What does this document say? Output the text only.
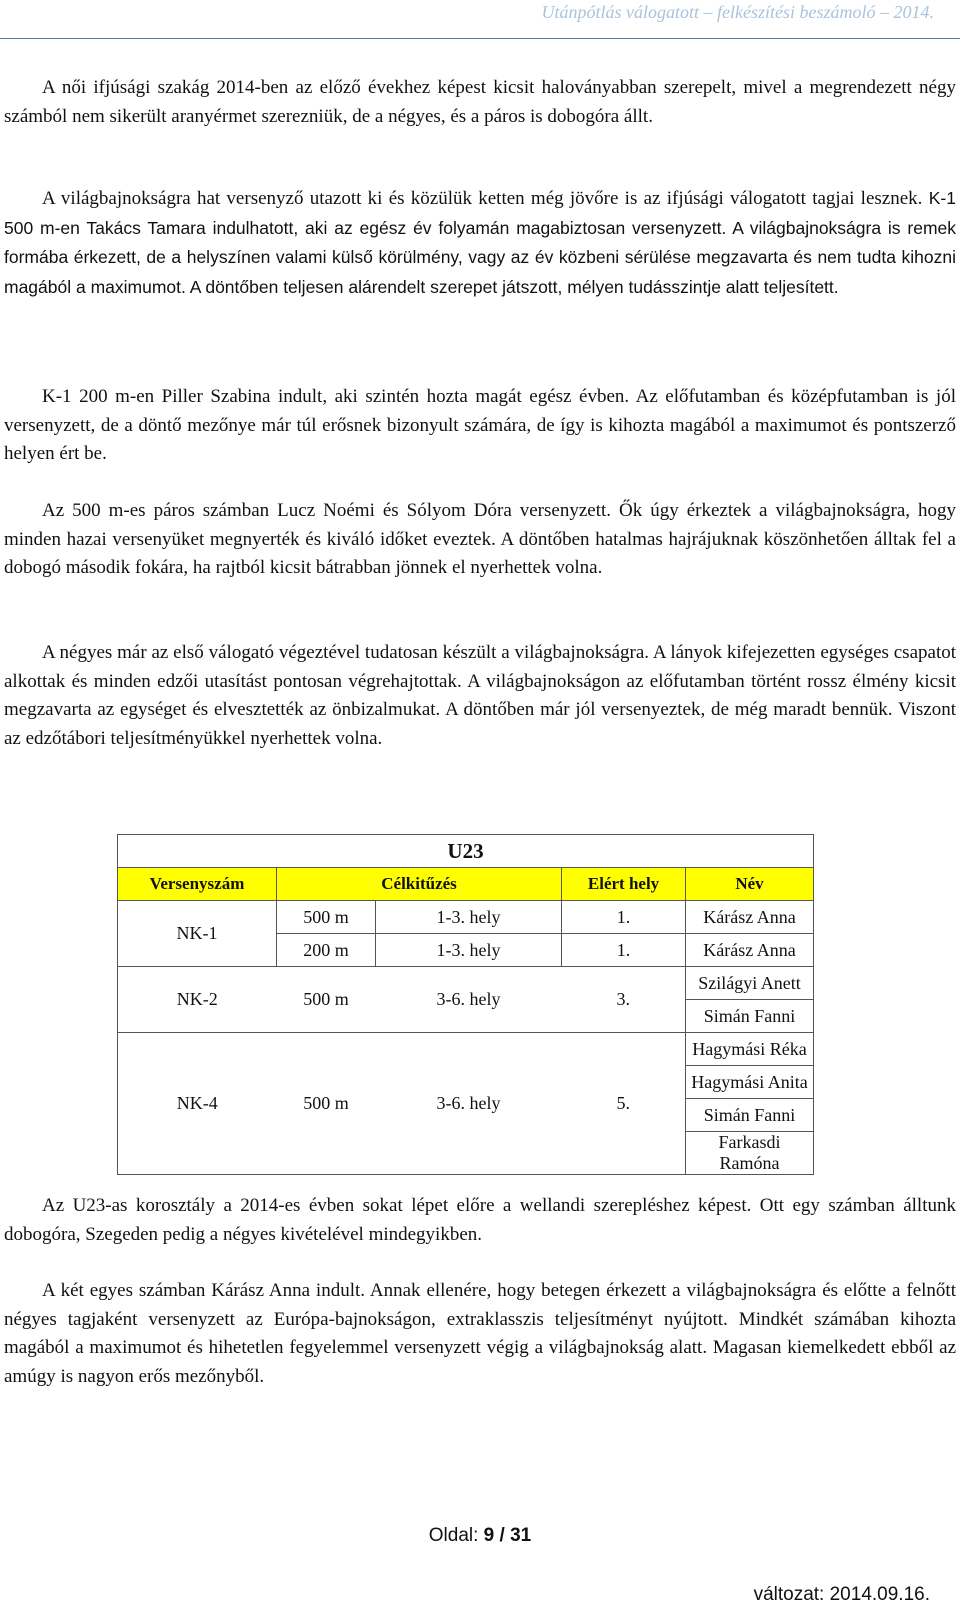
Utánpótlás válogatott – felkészítési beszámoló – 2014.

A női ifjúsági szakág 2014-ben az előző évekhez képest kicsit haloványabban szerepelt, mivel a megrendezett négy számból nem sikerült aranyérmet szerezniük, de a négyes, és a páros is dobogóra állt.

A világbajnokságra hat versenyző utazott ki és közülük ketten még jövőre is az ifjúsági válogatott tagjai lesznek. K-1 500 m-en Takács Tamara indulhatott, aki az egész év folyamán magabiztosan versenyzett. A világbajnokságra is remek formába érkezett, de a helyszínen valami külső körülmény, vagy az év közbeni sérülése megzavarta és nem tudta kihozni magából a maximumot. A döntőben teljesen alárendelt szerepet játszott, mélyen tudásszintje alatt teljesített.

K-1 200 m-en Piller Szabina indult, aki szintén hozta magát egész évben. Az előfutamban és középfutamban is jól versenyzett, de a döntő mezőnye már túl erősnek bizonyult számára, de így is kihozta magából a maximumot és pontszerző helyen ért be.

Az 500 m-es páros számban Lucz Noémi és Sólyom Dóra versenyzett. Ők úgy érkeztek a világbajnokságra, hogy minden hazai versenyüket megnyerték és kiváló időket eveztek. A döntőben hatalmas hajrájuknak köszönhetően álltak fel a dobogó második fokára, ha rajtból kicsit bátrabban jönnek el nyerhettek volna.

A négyes már az első válogató végeztével tudatosan készült a világbajnokságra. A lányok kifejezetten egységes csapatot alkottak és minden edzői utasítást pontosan végrehajtottak. A világbajnokságon az előfutamban történt rossz élmény kicsit megzavarta az egységet és elvesztették az önbizalmukat. A döntőben már jól versenyeztek, de még maradt bennük. Viszont az edzőtábori teljesítményükkel nyerhettek volna.

U23				
Versenyszám	Célkitűzés		Elért hely	Név
NK-1	500 m	1-3. hely	1.	Kárász Anna
	200 m	1-3. hely	1.	Kárász Anna
NK-2	500 m	3-6. hely	3.	Szilágyi Anett
				Simán Fanni
NK-4	500 m	3-6. hely	5.	Hagymási Réka
				Hagymási Anita
				Simán Fanni
				Farkasdi Ramóna

Az U23-as korosztály a 2014-es évben sokat lépet előre a wellandi szerepléshez képest. Ott egy számban álltunk dobogóra, Szegeden pedig a négyes kivételével mindegyikben.

A két egyes számban Kárász Anna indult. Annak ellenére, hogy betegen érkezett a világbajnokságra és előtte a felnőtt négyes tagjaként versenyzett az Európa-bajnokságon, extraklasszis teljesítményt nyújtott. Mindkét számában kihozta magából a maximumot és hihetetlen fegyelemmel versenyzett végig a világbajnokság alatt. Magasan kiemelkedett ebből az amúgy is nagyon erős mezőnyből.

Oldal: 9 / 31
változat: 2014.09.16.
